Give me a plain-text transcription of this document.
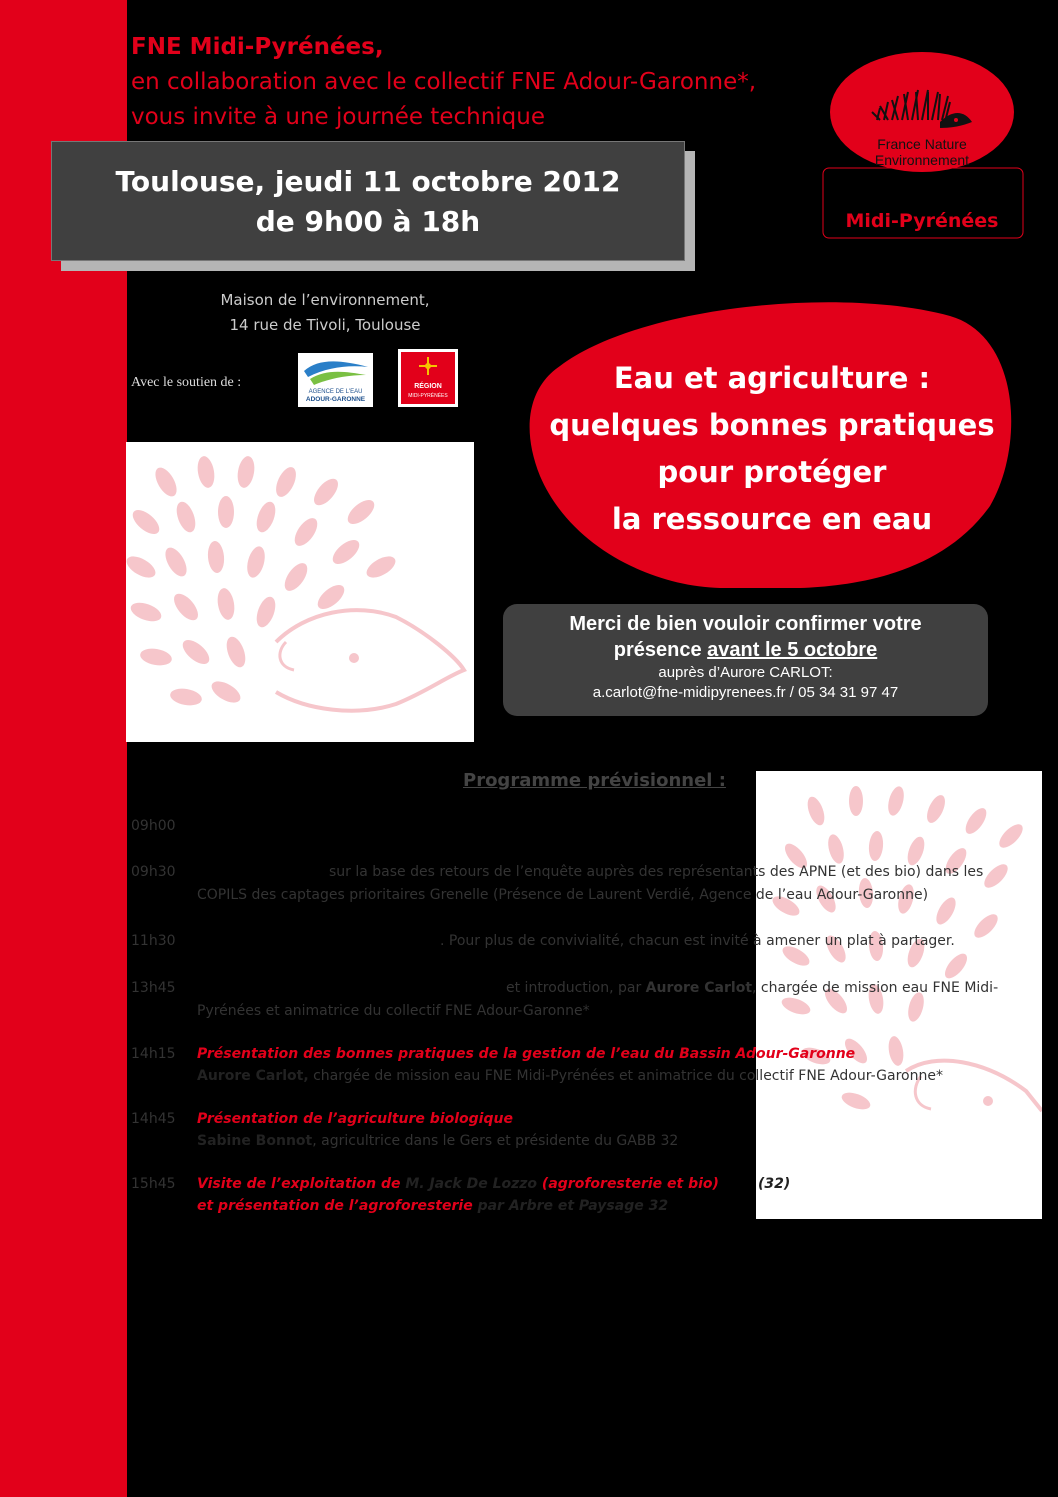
FNE Midi-Pyrénées,
en collaboration avec le collectif FNE Adour-Garonne*,
vous invite à une journée technique
Toulouse, jeudi 11 octobre 2012
de 9h00 à 18h
Maison de l’environnement,
14 rue de Tivoli, Toulouse
Avec le soutien de :
AGENCE DE L'EAU
ADOUR-GARONNE
RÉGION
MIDI-PYRÉNÉES
France Nature
Environnement
Midi-Pyrénées
Eau et agriculture :
quelques bonnes pratiques
pour protéger
la ressource en eau
Merci de bien vouloir confirmer votre
présence avant le 5 octobre
auprès d’Aurore CARLOT:
a.carlot@fne-midipyrenees.fr / 05 34 31 97 47
Programme prévisionnel :
09h00
09h30	sur la base des retours de l’enquête auprès des représentants des APNE (et des bio) dans les
COPILS des captages prioritaires Grenelle (Présence de Laurent Verdié, Agence de l’eau Adour-Garonne)
11h30	. Pour plus de convivialité, chacun est invité à amener un plat à partager.
13h45	et introduction, par Aurore Carlot, chargée de mission eau FNE Midi-
Pyrénées et animatrice du collectif FNE Adour-Garonne*
14h15 Présentation des bonnes pratiques de la gestion de l’eau du Bassin Adour-Garonne
Aurore Carlot, chargée de mission eau FNE Midi-Pyrénées et animatrice du collectif FNE Adour-Garonne*
14h45 Présentation de l’agriculture biologique
Sabine Bonnot, agricultrice dans le Gers et présidente du GABB 32
15h45 Visite de l’exploitation de M. Jack De Lozzo (agroforesterie et bio)	(32)
et présentation de l’agroforesterie par Arbre et Paysage 32
